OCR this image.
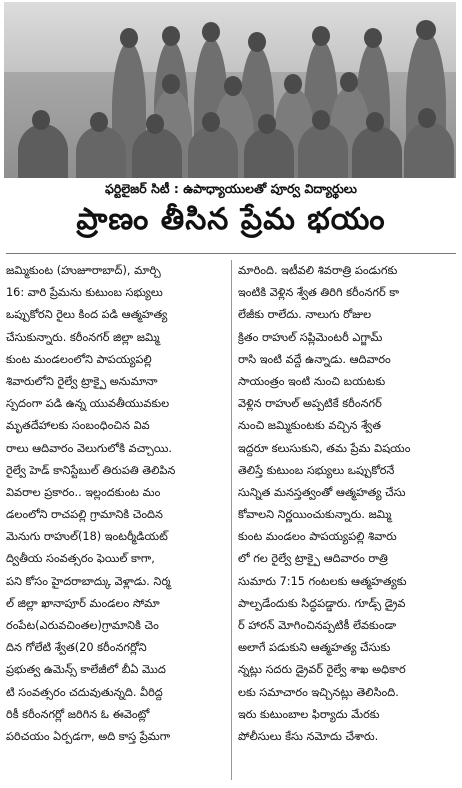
ఫర్టిలైజర్ సిటీ : ఉపాధ్యాయులతో పూర్వ విద్యార్థులు
ప్రాణం తీసిన ప్రేమ భయం
జమ్మికుంట (హుజూరాబాద్), మార్చి
16: వారి ప్రేమను కుటుంబ సభ్యులు
ఒప్పుకోరని రైలు కింద పడి ఆత్మహత్య
చేసుకున్నారు. కరీంనగర్ జిల్లా జమ్మి
కుంట మండలంలోని పాపయ్యపల్లి
శివారులోని రైల్వే ట్రాక్పై అనుమానా
స్పదంగా పడి ఉన్న యువతీయువకుల
మృతదేహాలకు సంబంధించిన వివ
రాలు ఆదివారం వెలుగులోకి వచ్చాయి.
రైల్వే హెడ్ కానిస్టేబుల్ తిరుపతి తెలిపిన
వివరాల ప్రకారం.. ఇల్లందకుంట మం
డలంలోని రాచపల్లి గ్రామానికి చెందిన
మెనుగు రాహుల్(18) ఇంటర్మీడియట్
ద్వితీయ సంవత్సరం ఫెయిల్ కాగా,
పని కోసం హైదరాబాద్కు వెళ్లాడు. నిర్మ
ల్ జిల్లా ఖానాపూర్ మండలం సోమా
రంపేట(ఎరువచింతల)గ్రామానికి చెం
దిన గోలేటి శ్వేత(20 కరీంనగర్లోని
ప్రభుత్వ ఉమెన్స్ కాలేజీలో బీఏ మొద
టి సంవత్సరం చదువుతున్నది. వీరిద్ద
రికీ కరీంనగర్లో జరిగిన ఓ ఈవెంట్లో
పరిచయం ఏర్పడగా, అది కాస్త ప్రేమగా
మారింది. ఇటీవలి శివరాత్రి పండుగకు
ఇంటికి వెళ్లిన శ్వేత తిరిగి కరీంనగర్ కా
లేజీకు రాలేదు. నాలుగు రోజుల
క్రితం రాహుల్ సప్లిమెంటరీ ఎగ్జామ్
రాసి ఇంటి వద్దే ఉన్నాడు. ఆదివారం
సాయంత్రం ఇంటి నుంచి బయటకు
వెళ్లిన రాహుల్ అప్పటికే కరీంనగర్
నుంచి జమ్మికుంటకు వచ్చిన శ్వేత
ఇద్దరూ కలుసుకుని, తమ ప్రేమ విషయం
తెలిస్తే కుటుంబ సభ్యులు ఒప్పుకోరనే
సున్నిత మనస్తత్వంతో ఆత్మహత్య చేసు
కోవాలని నిర్ణయించుకున్నారు. జమ్మి
కుంట మండలం పాపయ్యపల్లి శివారు
లో గల రైల్వే ట్రాక్పై ఆదివారం రాత్రి
సుమారు 7:15 గంటలకు ఆత్మహత్యకు
పాల్పడేందుకు సిద్ధపడ్డారు. గూడ్స్ డ్రైవ
ర్ హారన్ మోగించినప్పటికీ లేవకుండా
అలాగే పడుకుని ఆత్మహత్య చేసుకు
న్నట్లు సదరు డ్రైవర్ రైల్వే శాఖ అధికార
లకు సమాచారం ఇచ్చినట్లు తెలిసింది.
ఇరు కుటుంబాల ఫిర్యాదు మేరకు
పోలీసులు కేసు నమోదు చేశారు.
